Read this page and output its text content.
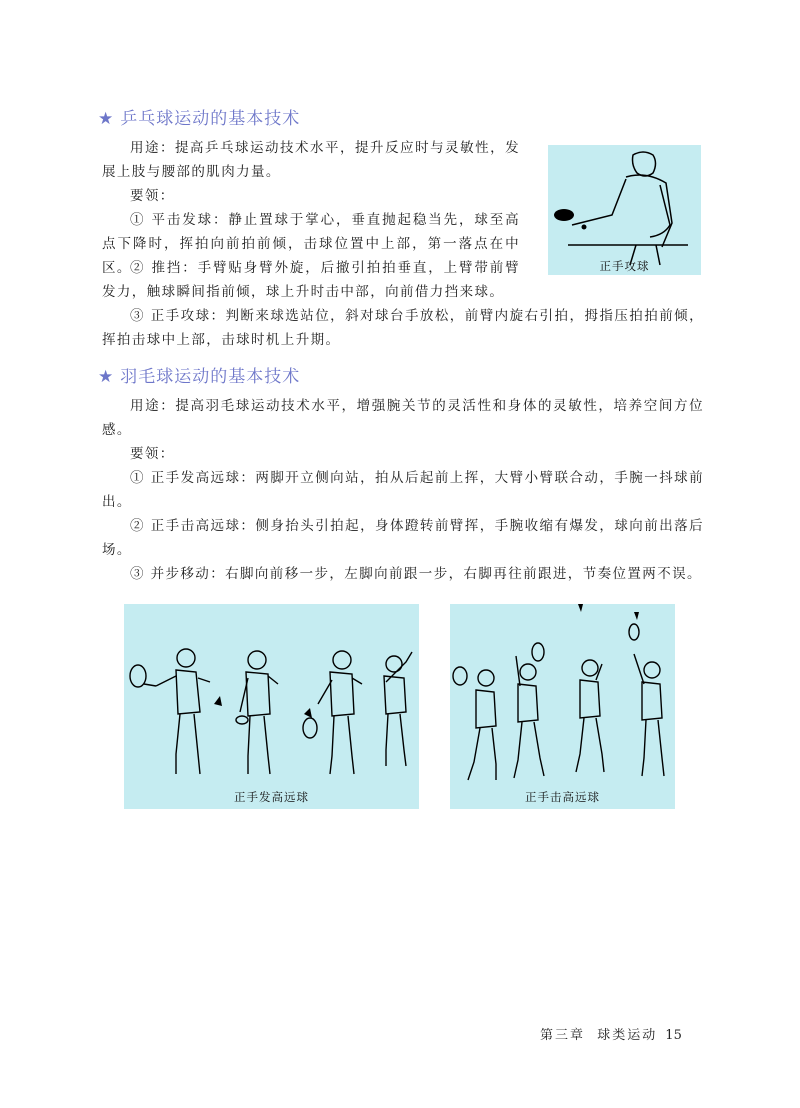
★ 乒乓球运动的基本技术
用途：提高乒乓球运动技术水平，提升反应时与灵敏性，发展上肢与腰部的肌肉力量。
要领：
① 平击发球：静止置球于掌心，垂直抛起稳当先，球至高点下降时，挥拍向前拍前倾，击球位置中上部，第一落点在中区。
② 推挡：手臂贴身臂外旋，后撤引拍拍垂直，上臂带前臂发力，触球瞬间指前倾，球上升时击中部，向前借力挡来球。
③ 正手攻球：判断来球选站位，斜对球台手放松，前臂内旋右引拍，拇指压拍拍前倾，挥拍击球中上部，击球时机上升期。
正手攻球
★ 羽毛球运动的基本技术
用途：提高羽毛球运动技术水平，增强腕关节的灵活性和身体的灵敏性，培养空间方位感。
要领：
① 正手发高远球：两脚开立侧向站，拍从后起前上挥，大臂小臂联合动，手腕一抖球前出。
② 正手击高远球：侧身抬头引拍起，身体蹬转前臂挥，手腕收缩有爆发，球向前出落后场。
③ 并步移动：右脚向前移一步，左脚向前跟一步，右脚再往前跟进，节奏位置两不误。
正手发高远球	正手击高远球
第三章 球类运动 15
